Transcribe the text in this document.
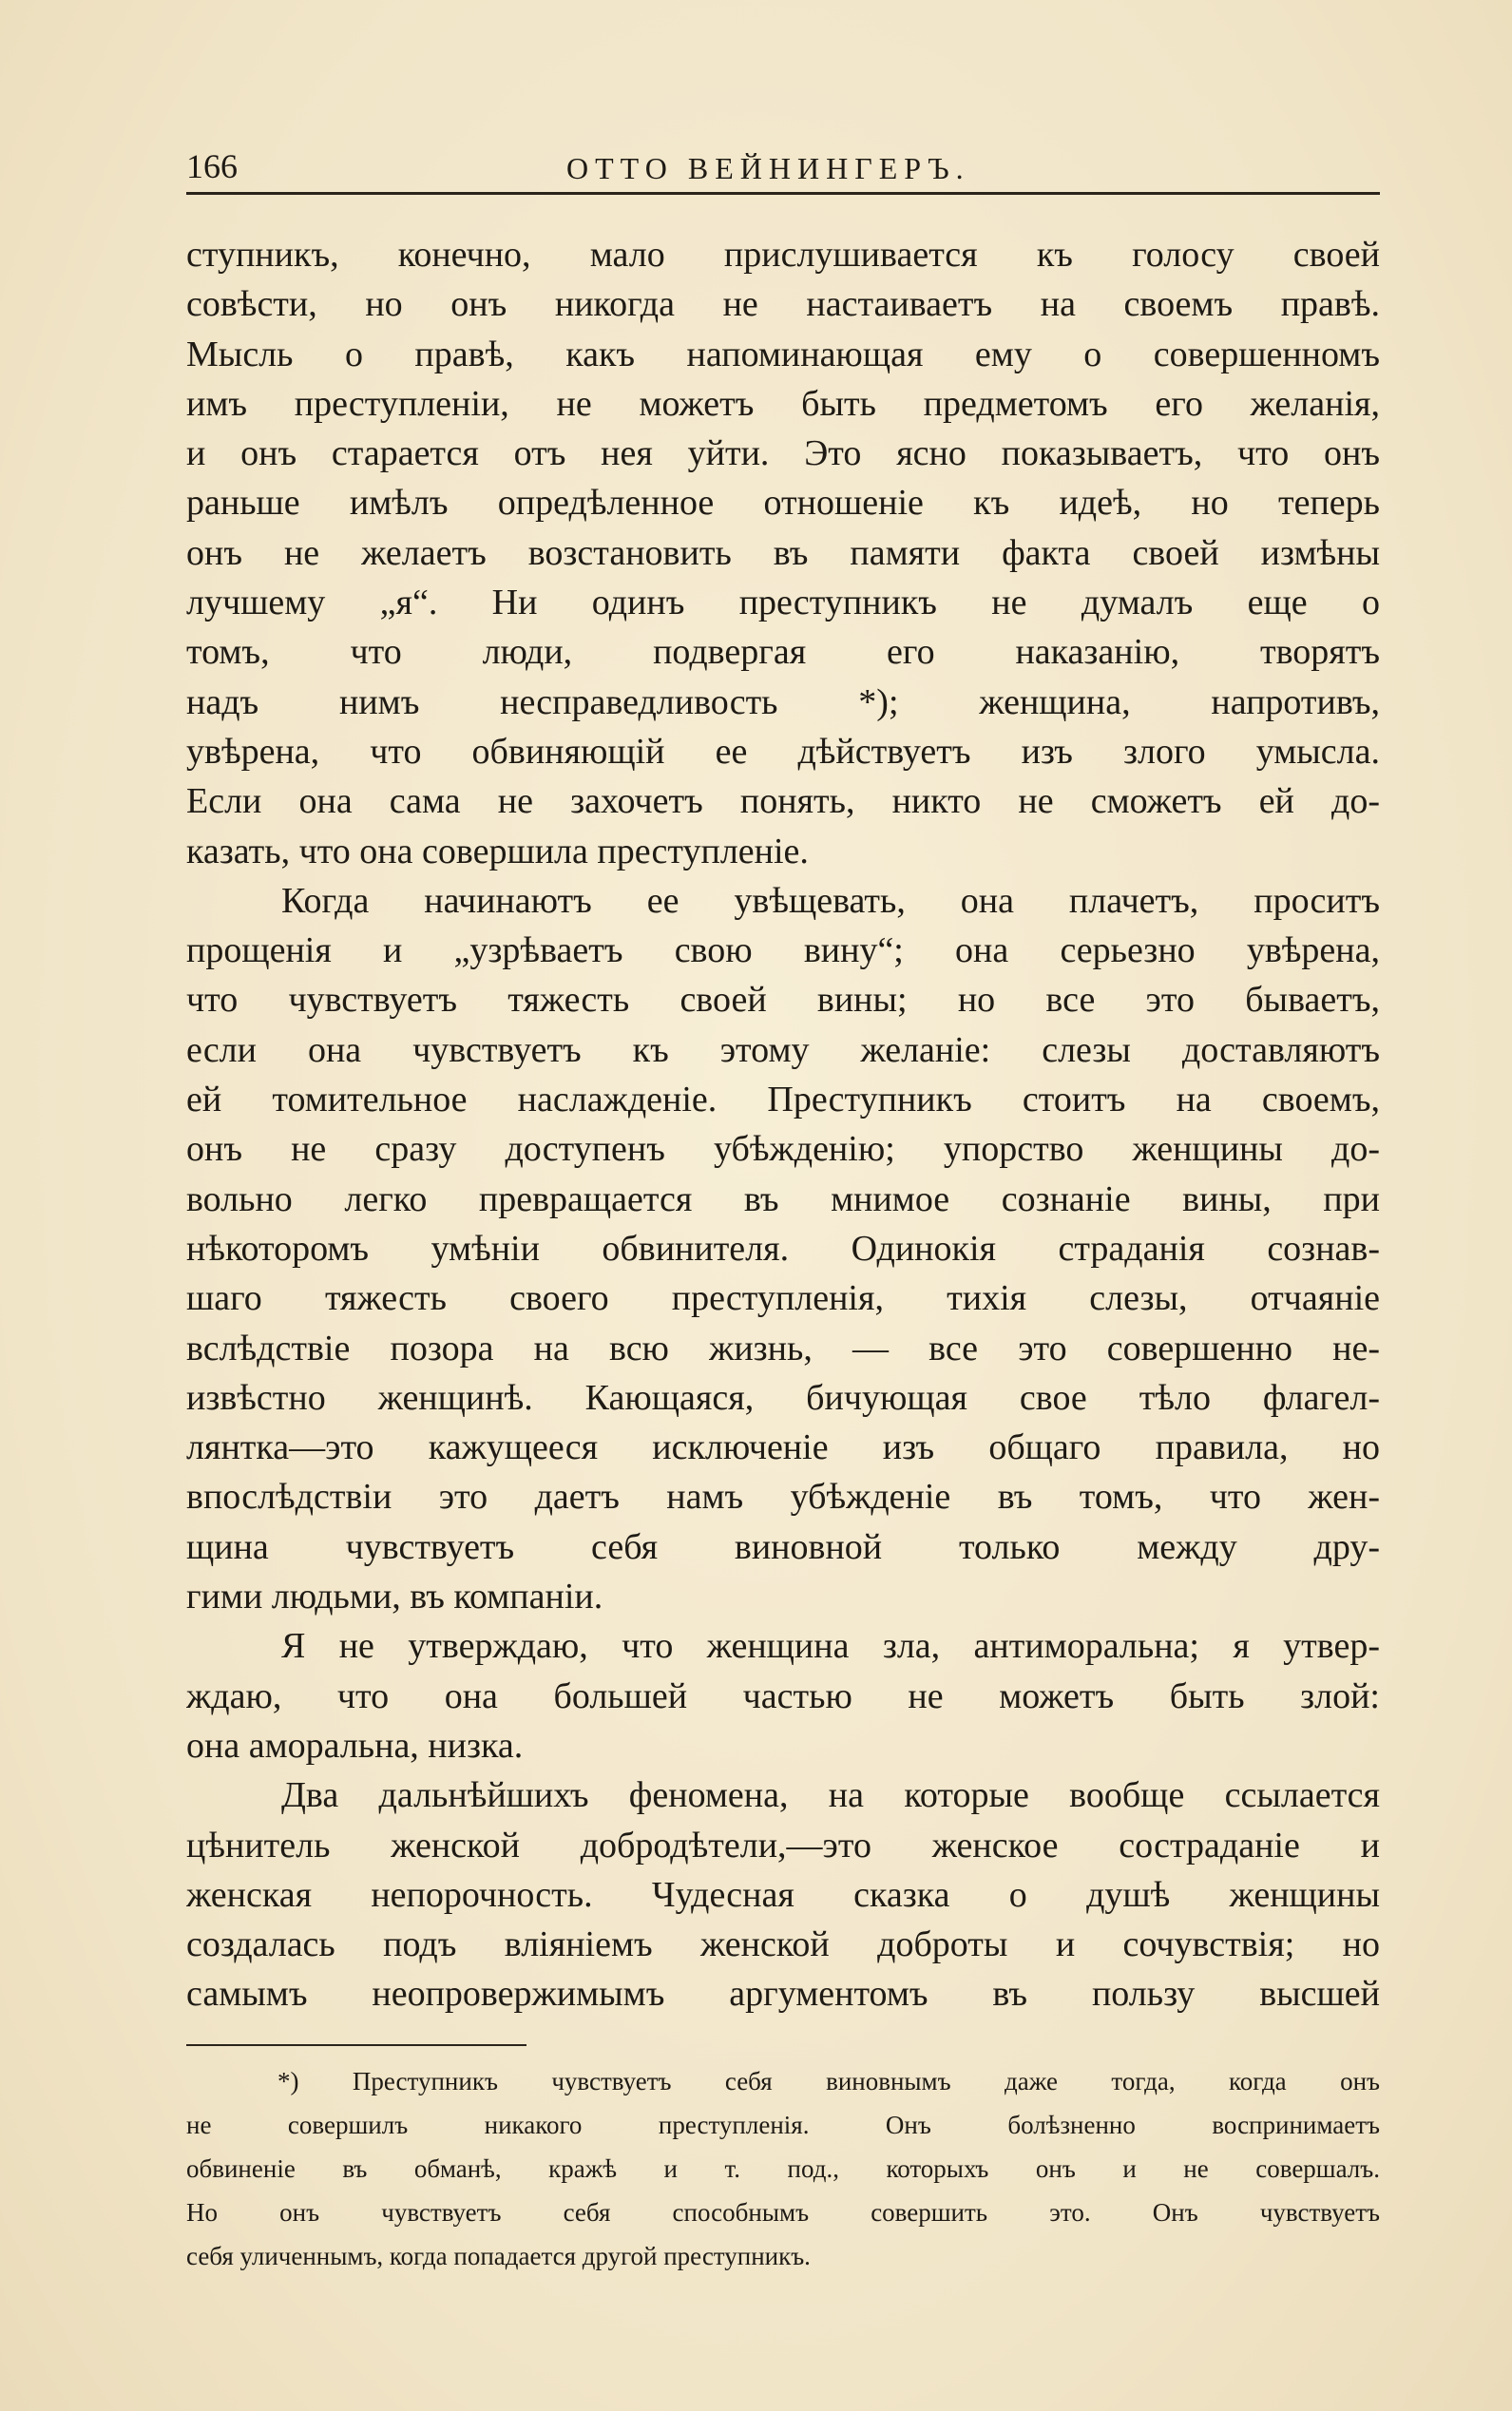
166	ОТТО ВЕЙНИНГЕРЪ.
ступникъ, конечно, мало прислушивается къ голосу своей
совѣсти, но онъ никогда не настаиваетъ на своемъ правѣ.
Мысль о правѣ, какъ напоминающая ему о совершенномъ
имъ преступленiи, не можетъ быть предметомъ его желанiя,
и онъ старается отъ нея уйти. Это ясно показываетъ, что онъ
раньше имѣлъ опредѣленное отношенiе къ идеѣ, но теперь
онъ не желаетъ возстановить въ памяти факта своей измѣны
лучшему „я“. Ни одинъ преступникъ не думалъ еще о
томъ, что люди, подвергая его наказанiю, творятъ
надъ нимъ несправедливость *); женщина, напротивъ,
увѣрена, что обвиняющiй ее дѣйствуетъ изъ злого умысла.
Если она сама не захочетъ понять, никто не сможетъ ей до-
казать, что она совершила преступленiе.
Когда начинаютъ ее увѣщевать, она плачетъ, проситъ
прощенiя и „узрѣваетъ свою вину“; она серьезно увѣрена,
что чувствуетъ тяжесть своей вины; но все это бываетъ,
если она чувствуетъ къ этому желанiе: слезы доставляютъ
ей томительное наслажденiе. Преступникъ стоитъ на своемъ,
онъ не сразу доступенъ убѣжденiю; упорство женщины до-
вольно легко превращается въ мнимое сознанiе вины, при
нѣкоторомъ умѣнiи обвинителя. Одинокiя страданiя сознав-
шаго тяжесть своего преступленiя, тихiя слезы, отчаянiе
вслѣдствiе позора на всю жизнь, — все это совершенно не-
извѣстно женщинѣ. Кающаяся, бичующая свое тѣло флагел-
лянтка—это кажущееся исключенiе изъ общаго правила, но
впослѣдствiи это даетъ намъ убѣжденiе въ томъ, что жен-
щина чувствуетъ себя виновной только между дру-
гими людьми, въ компанiи.
Я не утверждаю, что женщина зла, антиморальна; я утвер-
ждаю, что она большей частью не можетъ быть злой:
она аморальна, низка.
Два дальнѣйшихъ феномена, на которые вообще ссылается
цѣнитель женской добродѣтели,—это женское состраданiе и
женская непорочность. Чудесная сказка о душѣ женщины
создалась подъ влiянiемъ женской доброты и сочувствiя; но
самымъ неопровержимымъ аргументомъ въ пользу высшей
*) Преступникъ чувствуетъ себя виновнымъ даже тогда, когда онъ
не совершилъ никакого преступленiя. Онъ болѣзненно воспринимаетъ
обвиненiе въ обманѣ, кражѣ и т. под., которыхъ онъ и не совершалъ.
Но онъ чувствуетъ себя способнымъ совершить это. Онъ чувствуетъ
себя уличеннымъ, когда попадается другой преступникъ.
